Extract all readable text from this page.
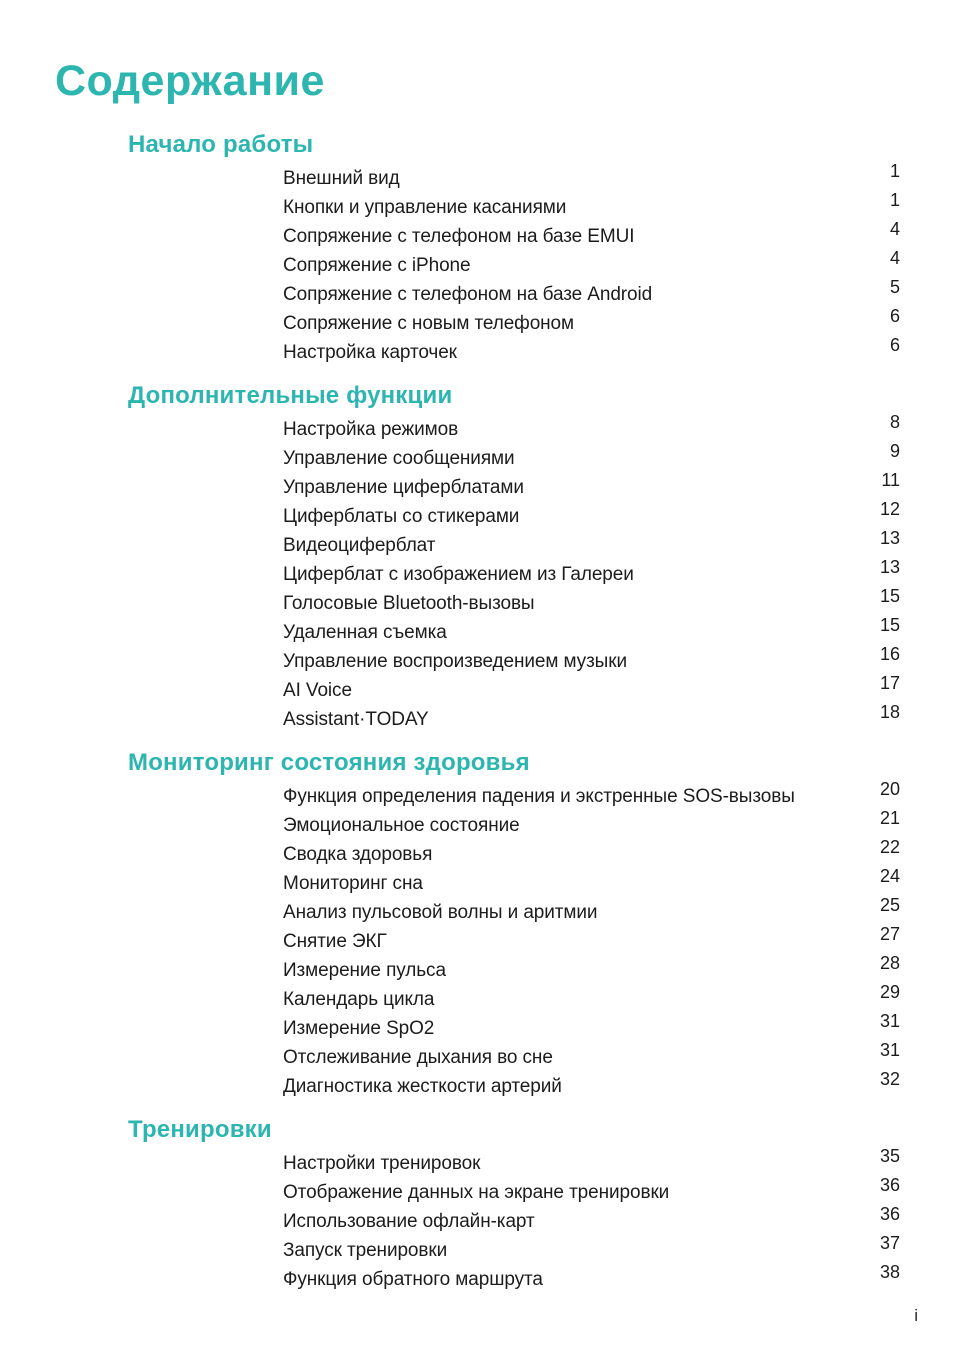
Содержание
Начало работы
Внешний вид	1
Кнопки и управление касаниями	1
Сопряжение с телефоном на базе EMUI	4
Сопряжение с iPhone	4
Сопряжение с телефоном на базе Android	5
Сопряжение с новым телефоном	6
Настройка карточек	6
Дополнительные функции
Настройка режимов	8
Управление сообщениями	9
Управление циферблатами	11
Циферблаты со стикерами	12
Видеоциферблат	13
Циферблат с изображением из Галереи	13
Голосовые Bluetooth-вызовы	15
Удаленная съемка	15
Управление воспроизведением музыки	16
AI Voice	17
Assistant·TODAY	18
Мониторинг состояния здоровья
Функция определения падения и экстренные SOS-вызовы	20
Эмоциональное состояние	21
Сводка здоровья	22
Мониторинг сна	24
Анализ пульсовой волны и аритмии	25
Снятие ЭКГ	27
Измерение пульса	28
Календарь цикла	29
Измерение SpO2	31
Отслеживание дыхания во сне	31
Диагностика жесткости артерий	32
Тренировки
Настройки тренировок	35
Отображение данных на экране тренировки	36
Использование офлайн-карт	36
Запуск тренировки	37
Функция обратного маршрута	38
i
